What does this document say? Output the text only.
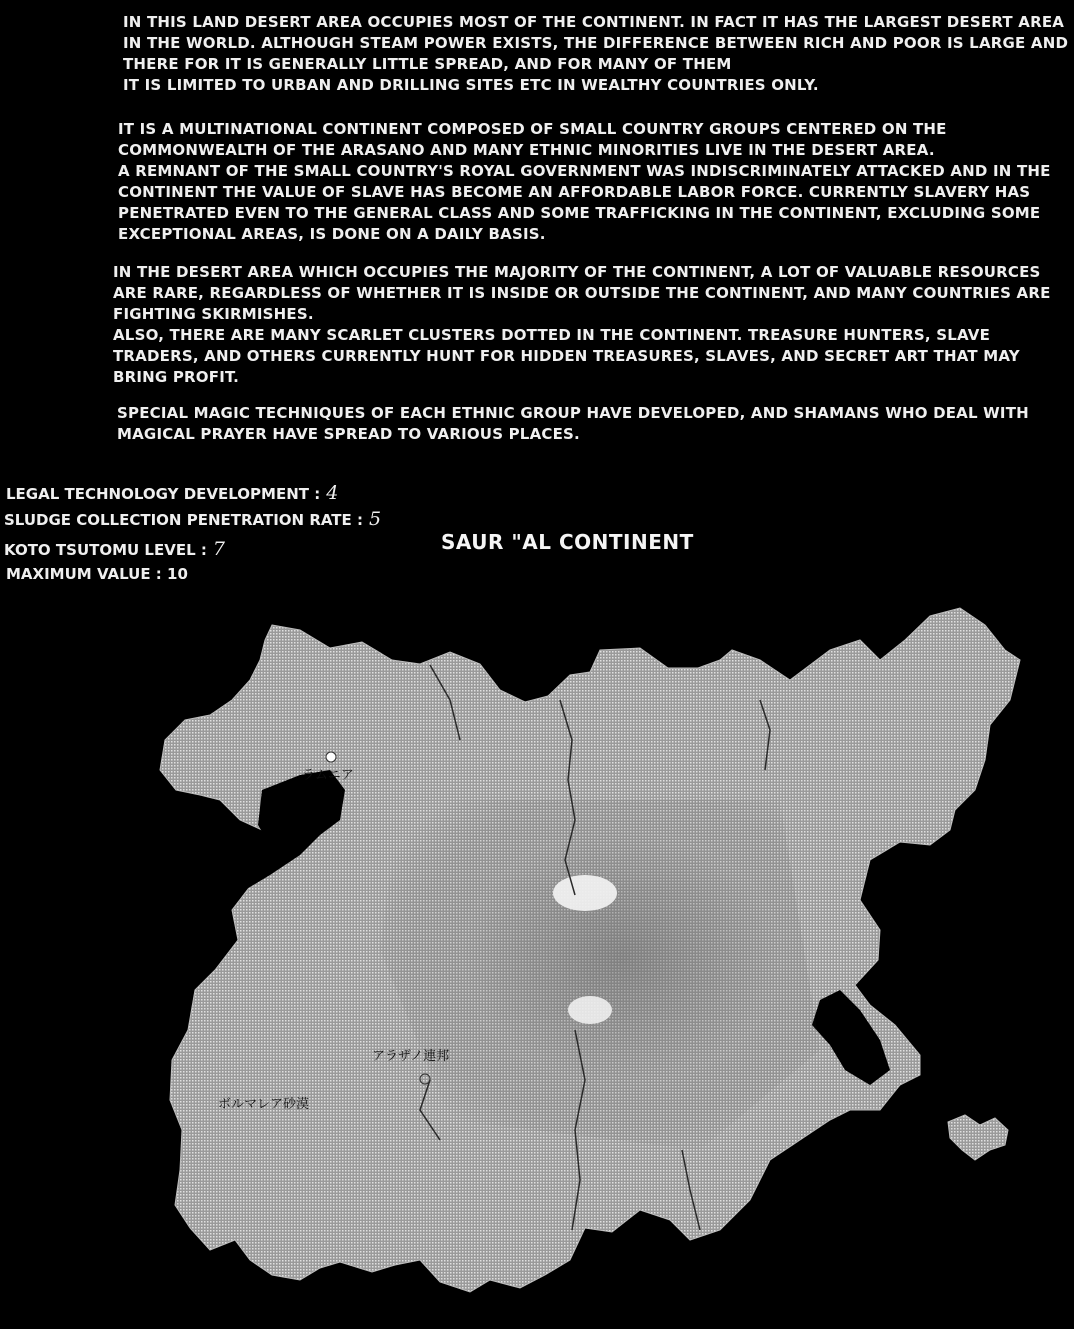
IN THIS LAND DESERT AREA OCCUPIES MOST OF THE CONTINENT. IN FACT IT HAS THE LARGEST DESERT AREA
IN THE WORLD. ALTHOUGH STEAM POWER EXISTS, THE DIFFERENCE BETWEEN RICH AND POOR IS LARGE AND
THERE FOR IT IS GENERALLY LITTLE SPREAD, AND FOR MANY OF THEM
IT IS LIMITED TO URBAN AND DRILLING SITES ETC IN WEALTHY COUNTRIES ONLY.
IT IS A MULTINATIONAL CONTINENT COMPOSED OF SMALL COUNTRY GROUPS CENTERED ON THE
COMMONWEALTH OF THE ARASANO AND MANY ETHNIC MINORITIES LIVE IN THE DESERT AREA.
A REMNANT OF THE SMALL COUNTRY'S ROYAL GOVERNMENT WAS INDISCRIMINATELY ATTACKED AND IN THE
CONTINENT THE VALUE OF SLAVE HAS BECOME AN AFFORDABLE LABOR FORCE. CURRENTLY SLAVERY HAS
PENETRATED EVEN TO THE GENERAL CLASS AND SOME TRAFFICKING IN THE CONTINENT, EXCLUDING SOME
EXCEPTIONAL AREAS, IS DONE ON A DAILY BASIS.
IN THE DESERT AREA WHICH OCCUPIES THE MAJORITY OF THE CONTINENT, A LOT OF VALUABLE RESOURCES
ARE RARE, REGARDLESS OF WHETHER IT IS INSIDE OR OUTSIDE THE CONTINENT, AND MANY COUNTRIES ARE
FIGHTING SKIRMISHES.
ALSO, THERE ARE MANY SCARLET CLUSTERS DOTTED IN THE CONTINENT. TREASURE HUNTERS, SLAVE
TRADERS, AND OTHERS CURRENTLY HUNT FOR HIDDEN TREASURES, SLAVES, AND SECRET ART THAT MAY
BRING PROFIT.
SPECIAL MAGIC TECHNIQUES OF EACH ETHNIC GROUP HAVE DEVELOPED, AND SHAMANS WHO DEAL WITH
MAGICAL PRAYER HAVE SPREAD TO VARIOUS PLACES.
LEGAL TECHNOLOGY DEVELOPMENT : 4
SLUDGE COLLECTION PENETRATION RATE : 5
KOTO TSUTOMU LEVEL : 7
MAXIMUM VALUE : 10
SAUR "AL CONTINENT
ラムニア
アラザノ連邦
ボルマレア砂漠
